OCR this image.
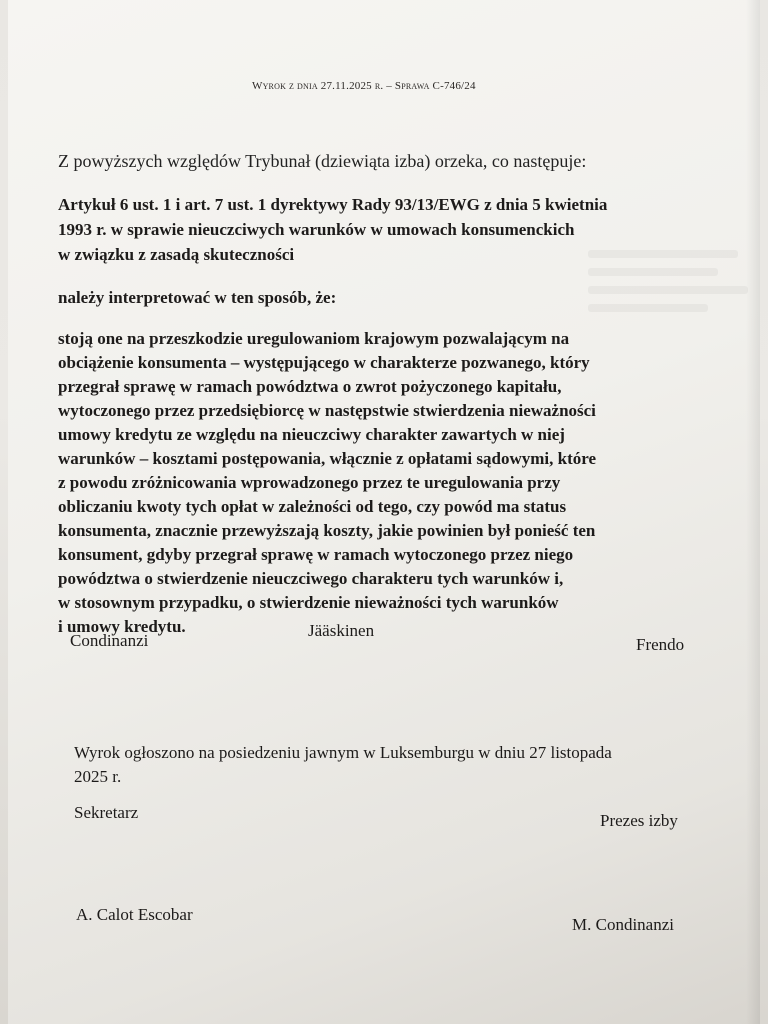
Wyrok z dnia 27.11.2025 r. – Sprawa C-746/24
Z powyższych względów Trybunał (dziewiąta izba) orzeka, co następuje:
Artykuł 6 ust. 1 i art. 7 ust. 1 dyrektywy Rady 93/13/EWG z dnia 5 kwietnia
1993 r. w sprawie nieuczciwych warunków w umowach konsumenckich
w związku z zasadą skuteczności
należy interpretować w ten sposób, że:
stoją one na przeszkodzie uregulowaniom krajowym pozwalającym na
obciążenie konsumenta – występującego w charakterze pozwanego, który
przegrał sprawę w ramach powództwa o zwrot pożyczonego kapitału,
wytoczonego przez przedsiębiorcę w następstwie stwierdzenia nieważności
umowy kredytu ze względu na nieuczciwy charakter zawartych w niej
warunków – kosztami postępowania, włącznie z opłatami sądowymi, które
z powodu zróżnicowania wprowadzonego przez te uregulowania przy
obliczaniu kwoty tych opłat w zależności od tego, czy powód ma status
konsumenta, znacznie przewyższają koszty, jakie powinien był ponieść ten
konsument, gdyby przegrał sprawę w ramach wytoczonego przez niego
powództwa o stwierdzenie nieuczciwego charakteru tych warunków i,
w stosownym przypadku, o stwierdzenie nieważności tych warunków
i umowy kredytu.
Condinanzi
Jääskinen
Frendo
Wyrok ogłoszono na posiedzeniu jawnym w Luksemburgu w dniu 27 listopada
2025 r.
Sekretarz	Prezes izby
A. Calot Escobar
M. Condinanzi
